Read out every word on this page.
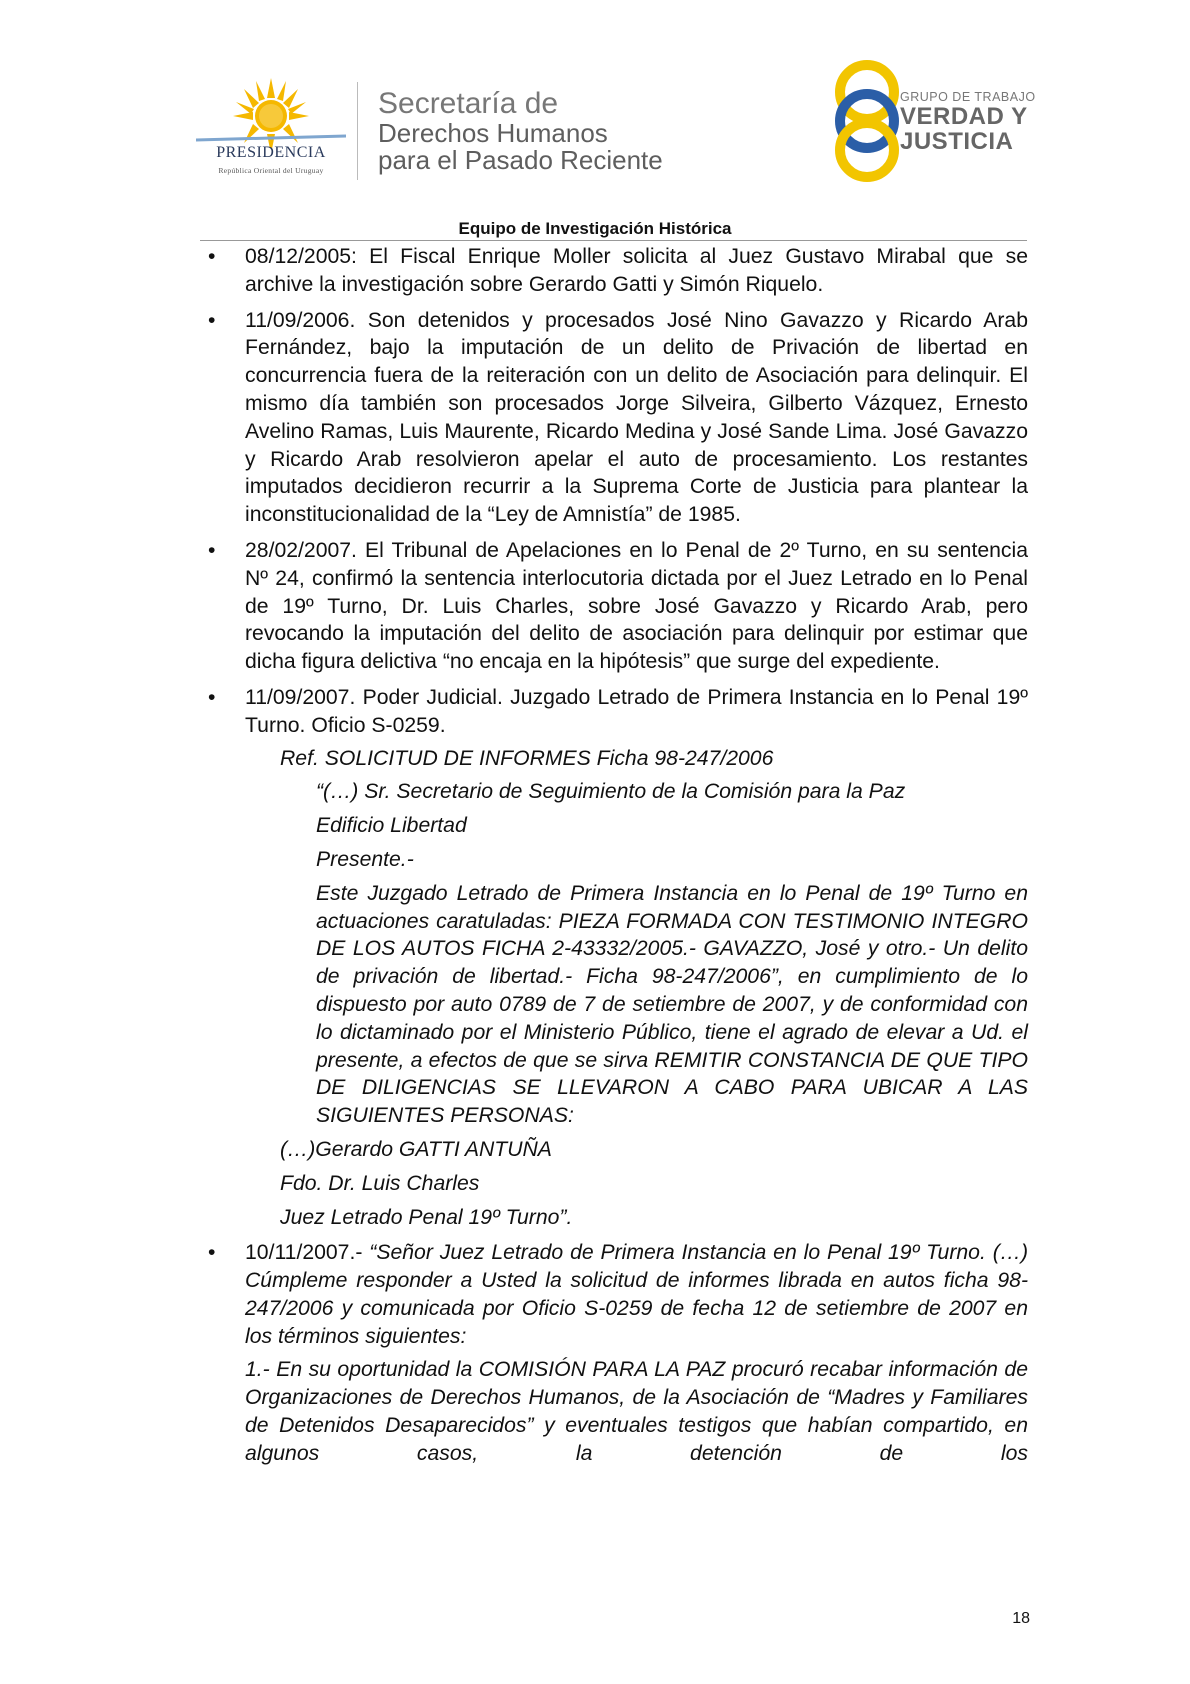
PRESIDENCIA
República Oriental del Uruguay
Secretaría de
Derechos Humanos
para el Pasado Reciente
GRUPO DE TRABAJO
VERDAD Y
JUSTICIA
Equipo de Investigación Histórica
• 08/12/2005: El Fiscal Enrique Moller solicita al Juez Gustavo Mirabal que se archive la investigación sobre Gerardo Gatti y Simón Riquelo.

• 11/09/2006. Son detenidos y procesados José Nino Gavazzo y Ricardo Arab Fernández, bajo la imputación de un delito de Privación de libertad en concurrencia fuera de la reiteración con un delito de Asociación para delinquir. El mismo día también son procesados Jorge Silveira, Gilberto Vázquez, Ernesto Avelino Ramas, Luis Maurente, Ricardo Medina y José Sande Lima. José Gavazzo y Ricardo Arab resolvieron apelar el auto de procesamiento. Los restantes imputados decidieron recurrir a la Suprema Corte de Justicia para plantear la inconstitucionalidad de la “Ley de Amnistía” de 1985.

• 28/02/2007. El Tribunal de Apelaciones en lo Penal de 2º Turno, en su sentencia Nº 24, confirmó la sentencia interlocutoria dictada por el Juez Letrado en lo Penal de 19º Turno, Dr. Luis Charles, sobre José Gavazzo y Ricardo Arab, pero revocando la imputación del delito de asociación para delinquir por estimar que dicha figura delictiva “no encaja en la hipótesis” que surge del expediente.

• 11/09/2007. Poder Judicial. Juzgado Letrado de Primera Instancia en lo Penal 19º Turno. Oficio S-0259.

Ref. SOLICITUD DE INFORMES Ficha 98-247/2006

“(…) Sr. Secretario de Seguimiento de la Comisión para la Paz

Edificio Libertad

Presente.-

Este Juzgado Letrado de Primera Instancia en lo Penal de 19º Turno en actuaciones caratuladas: PIEZA FORMADA CON TESTIMONIO INTEGRO DE LOS AUTOS FICHA 2-43332/2005.- GAVAZZO, José y otro.- Un delito de privación de libertad.- Ficha 98-247/2006”, en cumplimiento de lo dispuesto por auto 0789 de 7 de setiembre de 2007, y de conformidad con lo dictaminado por el Ministerio Público, tiene el agrado de elevar a Ud. el presente, a efectos de que se sirva REMITIR CONSTANCIA DE QUE TIPO DE DILIGENCIAS SE LLEVARON A CABO PARA UBICAR A LAS SIGUIENTES PERSONAS:

(…)Gerardo GATTI ANTUÑA

Fdo. Dr. Luis Charles

Juez Letrado Penal 19º Turno”.

• 10/11/2007.- “Señor Juez Letrado de Primera Instancia en lo Penal 19º Turno. (…) Cúmpleme responder a Usted la solicitud de informes librada en autos ficha 98-247/2006 y comunicada por Oficio S-0259 de fecha 12 de setiembre de 2007 en los términos siguientes:

1.- En su oportunidad la COMISIÓN PARA LA PAZ procuró recabar información de Organizaciones de Derechos Humanos, de la Asociación de “Madres y Familiares de Detenidos Desaparecidos” y eventuales testigos que habían compartido, en algunos casos, la detención de los

18
